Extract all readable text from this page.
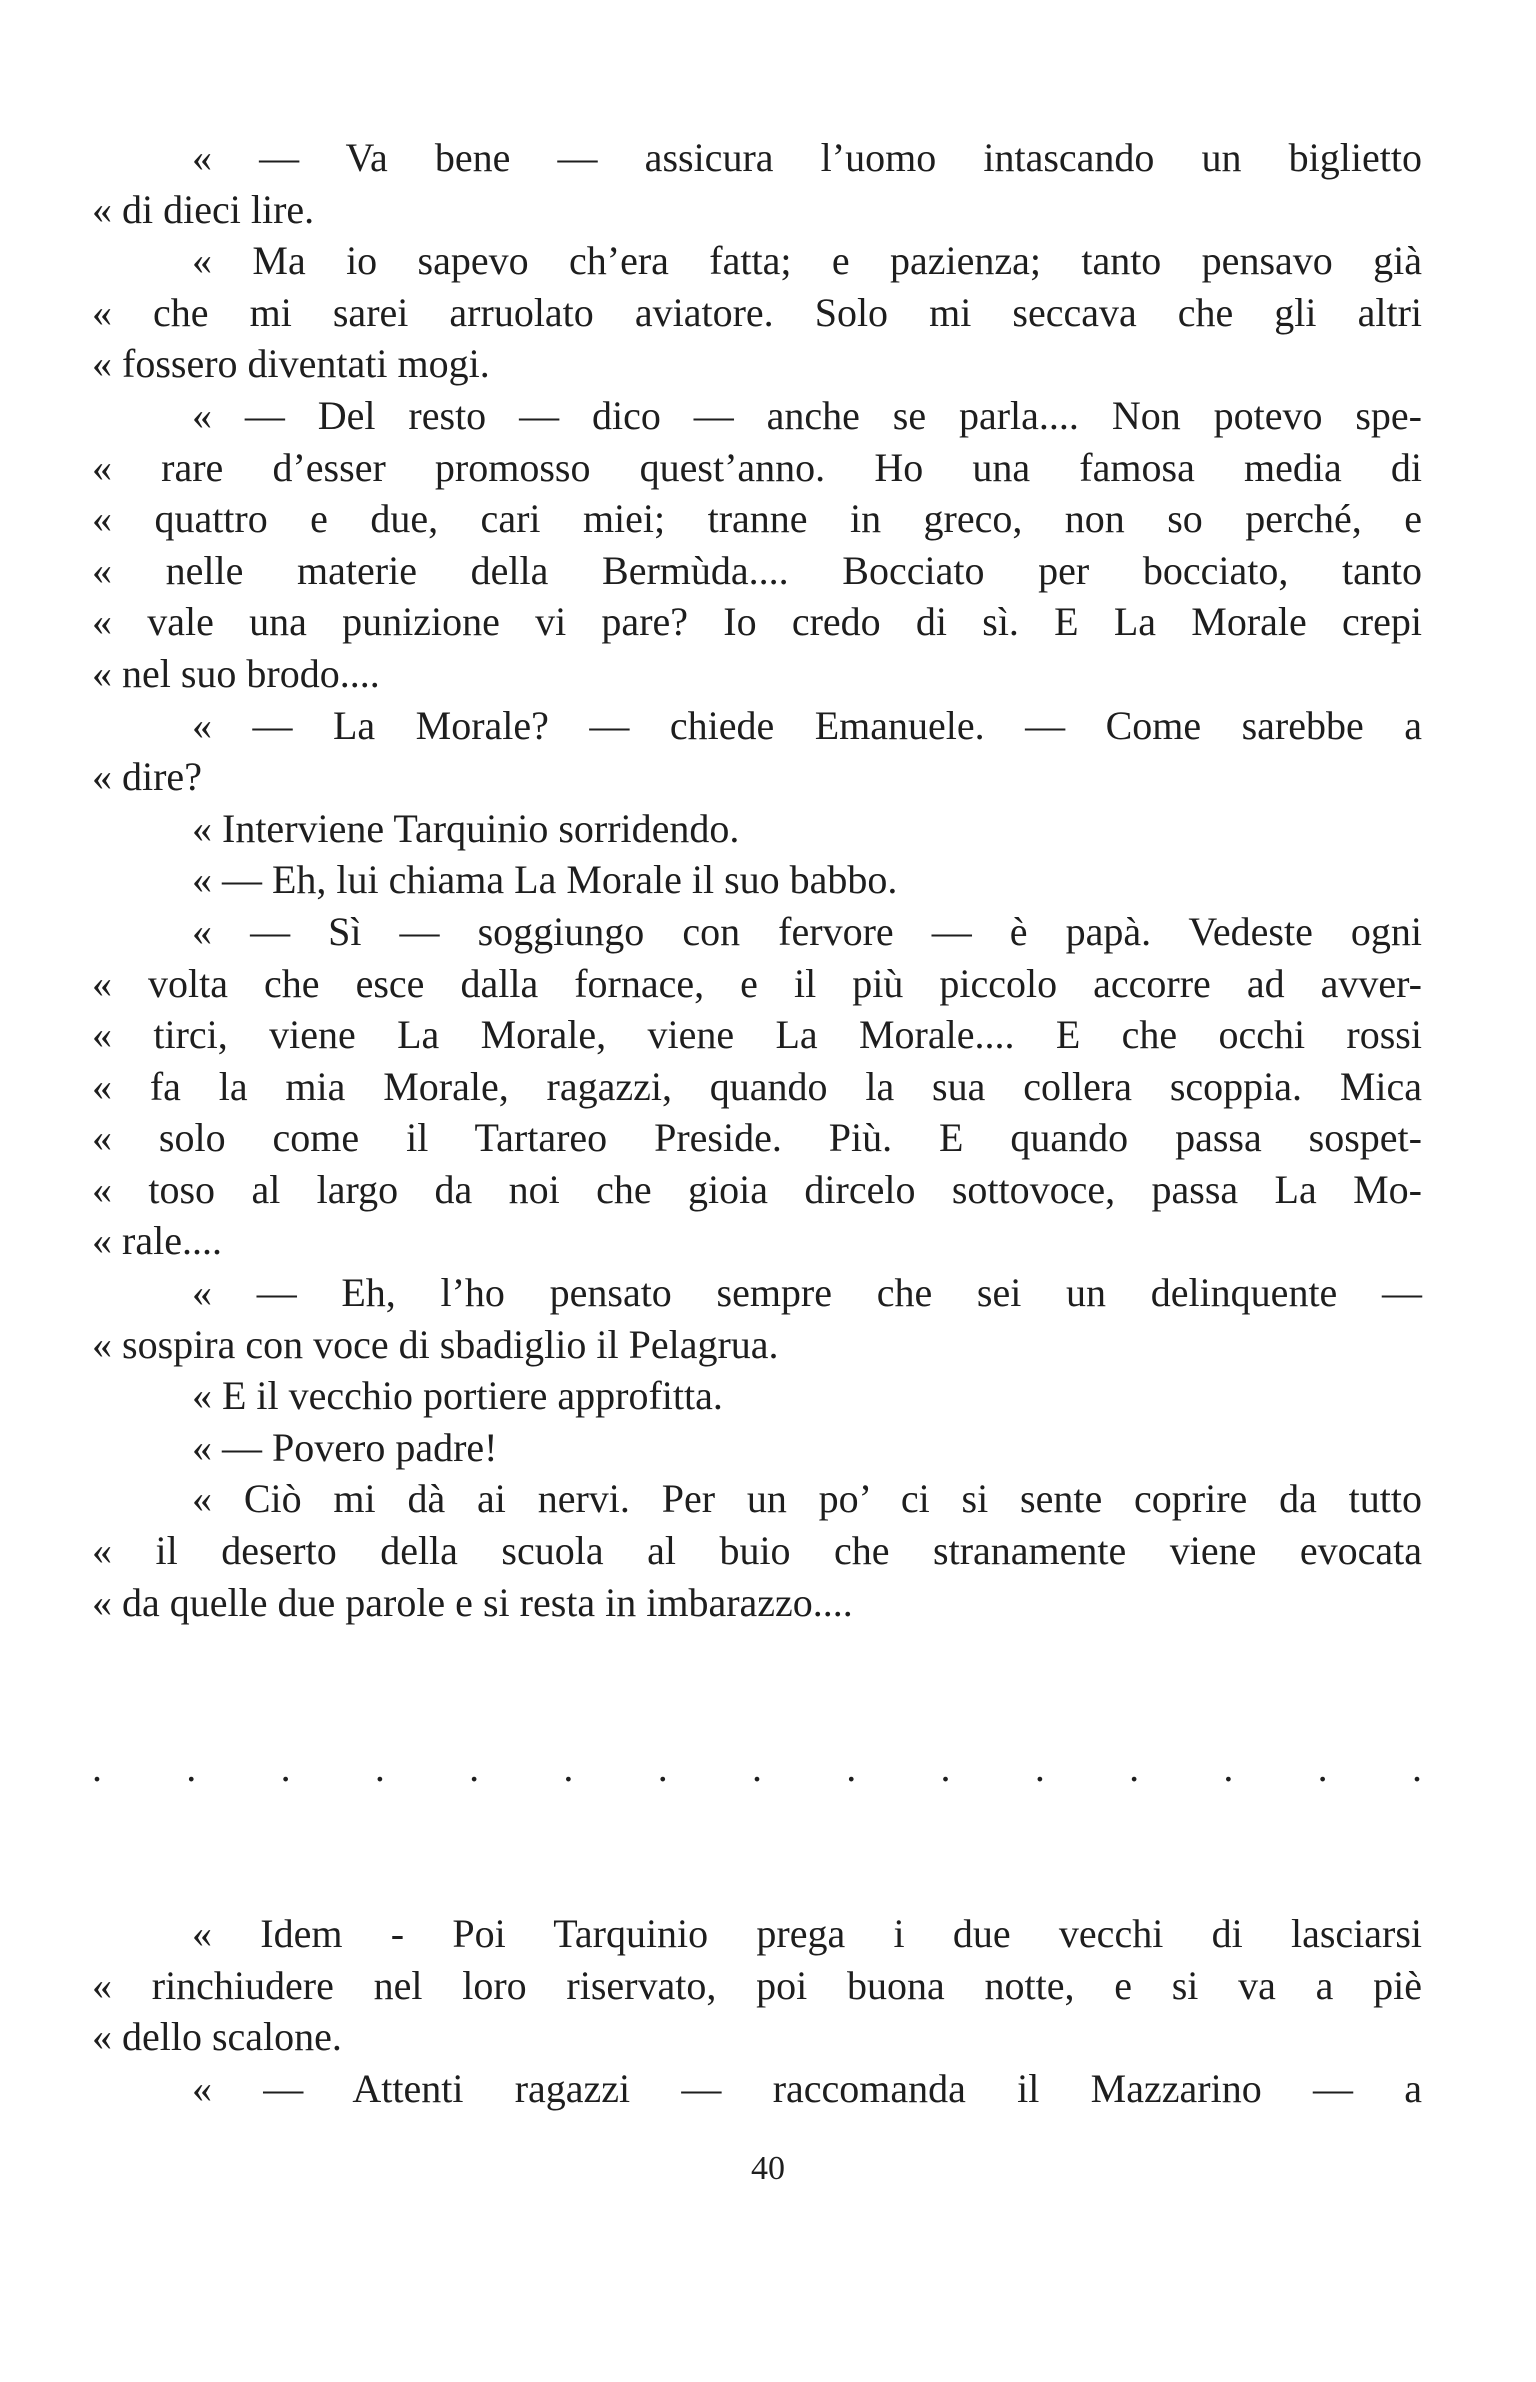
« — Va bene — assicura l’uomo intascando un biglietto
« di dieci lire.
« Ma io sapevo ch’era fatta; e pazienza; tanto pensavo già
« che mi sarei arruolato aviatore. Solo mi seccava che gli altri
« fossero diventati mogi.
« — Del resto — dico — anche se parla.... Non potevo spe-
« rare d’esser promosso quest’anno. Ho una famosa media di
« quattro e due, cari miei; tranne in greco, non so perché, e
« nelle materie della Bermùda.... Bocciato per bocciato, tanto
« vale una punizione vi pare? Io credo di sì. E La Morale crepi
« nel suo brodo....
« — La Morale? — chiede Emanuele. — Come sarebbe a
« dire?
« Interviene Tarquinio sorridendo.
« — Eh, lui chiama La Morale il suo babbo.
« — Sì — soggiungo con fervore — è papà. Vedeste ogni
« volta che esce dalla fornace, e il più piccolo accorre ad avver-
« tirci, viene La Morale, viene La Morale.... E che occhi rossi
« fa la mia Morale, ragazzi, quando la sua collera scoppia. Mica
« solo come il Tartareo Preside. Più. E quando passa sospet-
« toso al largo da noi che gioia dircelo sottovoce, passa La Mo-
« rale....
« — Eh, l’ho pensato sempre che sei un delinquente —
« sospira con voce di sbadiglio il Pelagrua.
« E il vecchio portiere approfitta.
« — Povero padre!
« Ciò mi dà ai nervi. Per un po’ ci si sente coprire da tutto
« il deserto della scuola al buio che stranamente viene evocata
« da quelle due parole e si resta in imbarazzo....
. . . . . . . . . . . . . . .
« Idem - Poi Tarquinio prega i due vecchi di lasciarsi
« rinchiudere nel loro riservato, poi buona notte, e si va a piè
« dello scalone.
« — Attenti ragazzi — raccomanda il Mazzarino — a
40
